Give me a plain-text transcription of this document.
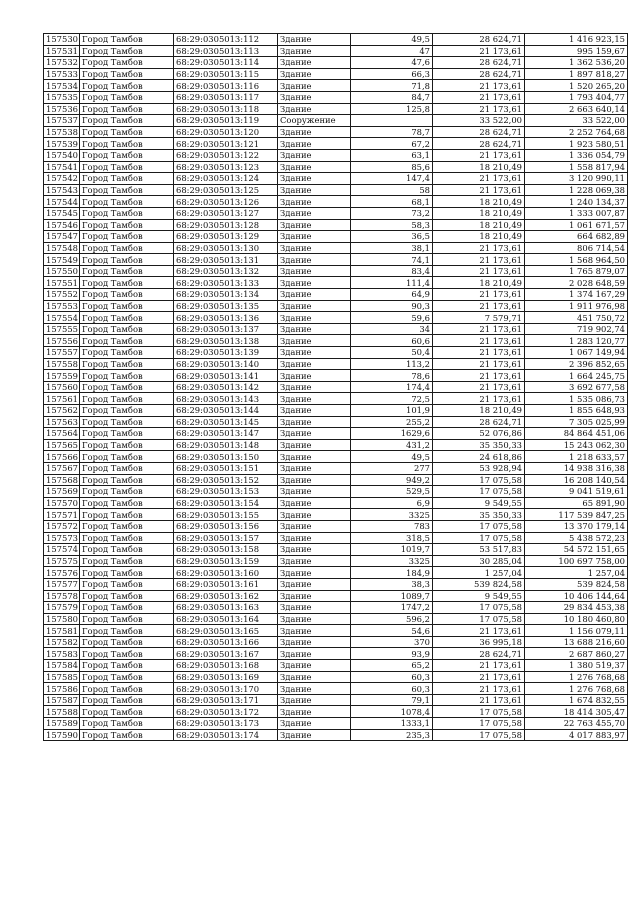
157530	Город Тамбов	68:29:0305013:112	Здание	49,5	28 624,71	1 416 923,15
157531	Город Тамбов	68:29:0305013:113	Здание	47	21 173,61	995 159,67
157532	Город Тамбов	68:29:0305013:114	Здание	47,6	28 624,71	1 362 536,20
157533	Город Тамбов	68:29:0305013:115	Здание	66,3	28 624,71	1 897 818,27
157534	Город Тамбов	68:29:0305013:116	Здание	71,8	21 173,61	1 520 265,20
157535	Город Тамбов	68:29:0305013:117	Здание	84,7	21 173,61	1 793 404,77
157536	Город Тамбов	68:29:0305013:118	Здание	125,8	21 173,61	2 663 640,14
157537	Город Тамбов	68:29:0305013:119	Сооружение		33 522,00	33 522,00
157538	Город Тамбов	68:29:0305013:120	Здание	78,7	28 624,71	2 252 764,68
157539	Город Тамбов	68:29:0305013:121	Здание	67,2	28 624,71	1 923 580,51
157540	Город Тамбов	68:29:0305013:122	Здание	63,1	21 173,61	1 336 054,79
157541	Город Тамбов	68:29:0305013:123	Здание	85,6	18 210,49	1 558 817,94
157542	Город Тамбов	68:29:0305013:124	Здание	147,4	21 173,61	3 120 990,11
157543	Город Тамбов	68:29:0305013:125	Здание	58	21 173,61	1 228 069,38
157544	Город Тамбов	68:29:0305013:126	Здание	68,1	18 210,49	1 240 134,37
157545	Город Тамбов	68:29:0305013:127	Здание	73,2	18 210,49	1 333 007,87
157546	Город Тамбов	68:29:0305013:128	Здание	58,3	18 210,49	1 061 671,57
157547	Город Тамбов	68:29:0305013:129	Здание	36,5	18 210,49	664 682,89
157548	Город Тамбов	68:29:0305013:130	Здание	38,1	21 173,61	806 714,54
157549	Город Тамбов	68:29:0305013:131	Здание	74,1	21 173,61	1 568 964,50
157550	Город Тамбов	68:29:0305013:132	Здание	83,4	21 173,61	1 765 879,07
157551	Город Тамбов	68:29:0305013:133	Здание	111,4	18 210,49	2 028 648,59
157552	Город Тамбов	68:29:0305013:134	Здание	64,9	21 173,61	1 374 167,29
157553	Город Тамбов	68:29:0305013:135	Здание	90,3	21 173,61	1 911 976,98
157554	Город Тамбов	68:29:0305013:136	Здание	59,6	7 579,71	451 750,72
157555	Город Тамбов	68:29:0305013:137	Здание	34	21 173,61	719 902,74
157556	Город Тамбов	68:29:0305013:138	Здание	60,6	21 173,61	1 283 120,77
157557	Город Тамбов	68:29:0305013:139	Здание	50,4	21 173,61	1 067 149,94
157558	Город Тамбов	68:29:0305013:140	Здание	113,2	21 173,61	2 396 852,65
157559	Город Тамбов	68:29:0305013:141	Здание	78,6	21 173,61	1 664 245,75
157560	Город Тамбов	68:29:0305013:142	Здание	174,4	21 173,61	3 692 677,58
157561	Город Тамбов	68:29:0305013:143	Здание	72,5	21 173,61	1 535 086,73
157562	Город Тамбов	68:29:0305013:144	Здание	101,9	18 210,49	1 855 648,93
157563	Город Тамбов	68:29:0305013:145	Здание	255,2	28 624,71	7 305 025,99
157564	Город Тамбов	68:29:0305013:147	Здание	1629,6	52 076,86	84 864 451,06
157565	Город Тамбов	68:29:0305013:148	Здание	431,2	35 350,33	15 243 062,30
157566	Город Тамбов	68:29:0305013:150	Здание	49,5	24 618,86	1 218 633,57
157567	Город Тамбов	68:29:0305013:151	Здание	277	53 928,94	14 938 316,38
157568	Город Тамбов	68:29:0305013:152	Здание	949,2	17 075,58	16 208 140,54
157569	Город Тамбов	68:29:0305013:153	Здание	529,5	17 075,58	9 041 519,61
157570	Город Тамбов	68:29:0305013:154	Здание	6,9	9 549,55	65 891,90
157571	Город Тамбов	68:29:0305013:155	Здание	3325	35 350,33	117 539 847,25
157572	Город Тамбов	68:29:0305013:156	Здание	783	17 075,58	13 370 179,14
157573	Город Тамбов	68:29:0305013:157	Здание	318,5	17 075,58	5 438 572,23
157574	Город Тамбов	68:29:0305013:158	Здание	1019,7	53 517,83	54 572 151,65
157575	Город Тамбов	68:29:0305013:159	Здание	3325	30 285,04	100 697 758,00
157576	Город Тамбов	68:29:0305013:160	Здание	184,9	1 257,04	1 257,04
157577	Город Тамбов	68:29:0305013:161	Здание	38,3	539 824,58	539 824,58
157578	Город Тамбов	68:29:0305013:162	Здание	1089,7	9 549,55	10 406 144,64
157579	Город Тамбов	68:29:0305013:163	Здание	1747,2	17 075,58	29 834 453,38
157580	Город Тамбов	68:29:0305013:164	Здание	596,2	17 075,58	10 180 460,80
157581	Город Тамбов	68:29:0305013:165	Здание	54,6	21 173,61	1 156 079,11
157582	Город Тамбов	68:29:0305013:166	Здание	370	36 995,18	13 688 216,60
157583	Город Тамбов	68:29:0305013:167	Здание	93,9	28 624,71	2 687 860,27
157584	Город Тамбов	68:29:0305013:168	Здание	65,2	21 173,61	1 380 519,37
157585	Город Тамбов	68:29:0305013:169	Здание	60,3	21 173,61	1 276 768,68
157586	Город Тамбов	68:29:0305013:170	Здание	60,3	21 173,61	1 276 768,68
157587	Город Тамбов	68:29:0305013:171	Здание	79,1	21 173,61	1 674 832,55
157588	Город Тамбов	68:29:0305013:172	Здание	1078,4	17 075,58	18 414 305,47
157589	Город Тамбов	68:29:0305013:173	Здание	1333,1	17 075,58	22 763 455,70
157590	Город Тамбов	68:29:0305013:174	Здание	235,3	17 075,58	4 017 883,97
